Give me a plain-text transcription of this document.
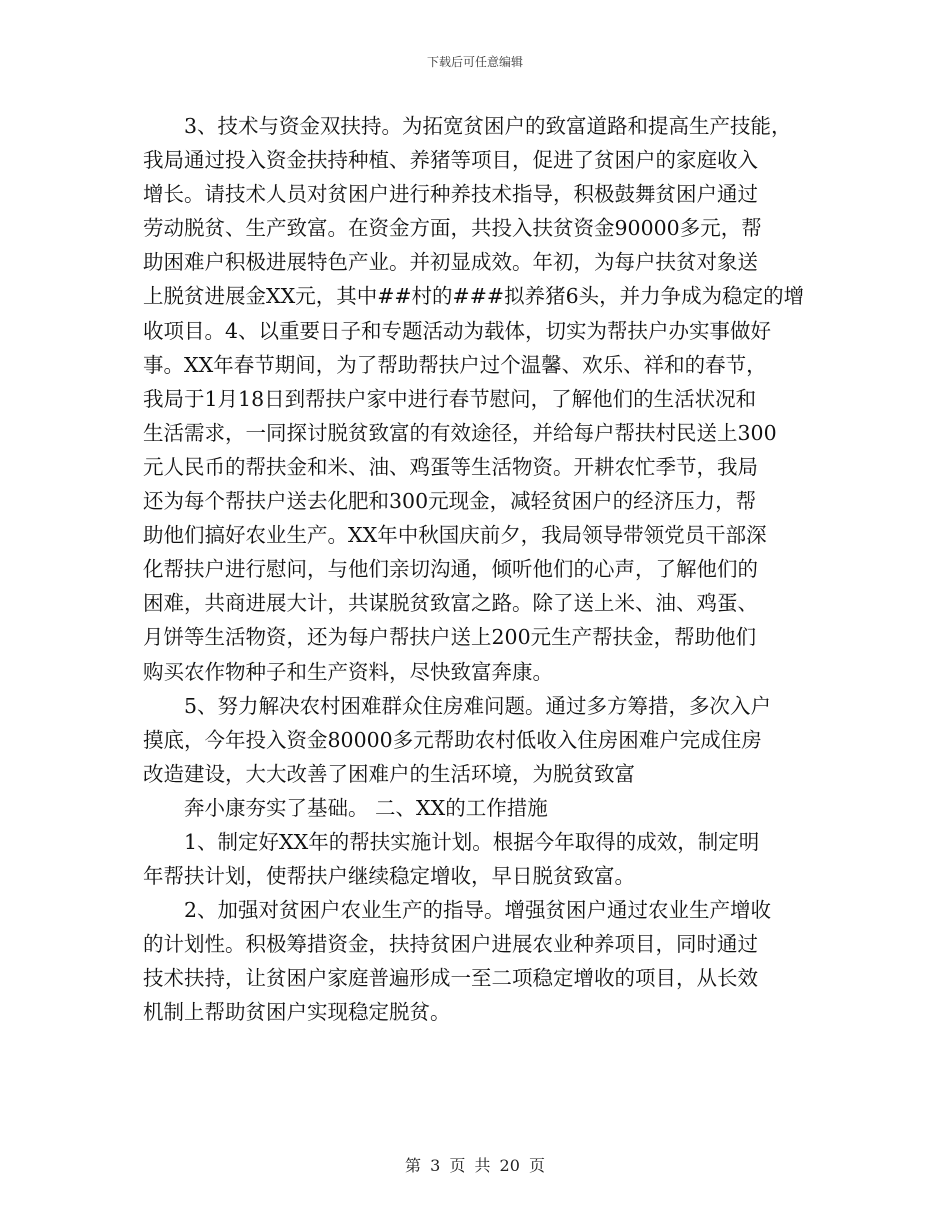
下载后可任意编辑
3、技术与资金双扶持。为拓宽贫困户的致富道路和提高生产技能，
我局通过投入资金扶持种植、养猪等项目，促进了贫困户的家庭收入
增长。请技术人员对贫困户进行种养技术指导，积极鼓舞贫困户通过
劳动脱贫、生产致富。在资金方面，共投入扶贫资金90000多元，帮
助困难户积极进展特色产业。并初显成效。年初，为每户扶贫对象送
上脱贫进展金XX元，其中##村的###拟养猪6头，并力争成为稳定的增
收项目。4、以重要日子和专题活动为载体，切实为帮扶户办实事做好
事。XX年春节期间，为了帮助帮扶户过个温馨、欢乐、祥和的春节，
我局于1月18日到帮扶户家中进行春节慰问，了解他们的生活状况和
生活需求，一同探讨脱贫致富的有效途径，并给每户帮扶村民送上300
元人民币的帮扶金和米、油、鸡蛋等生活物资。开耕农忙季节，我局
还为每个帮扶户送去化肥和300元现金，减轻贫困户的经济压力，帮
助他们搞好农业生产。XX年中秋国庆前夕，我局领导带领党员干部深
化帮扶户进行慰问，与他们亲切沟通，倾听他们的心声，了解他们的
困难，共商进展大计，共谋脱贫致富之路。除了送上米、油、鸡蛋、
月饼等生活物资，还为每户帮扶户送上200元生产帮扶金，帮助他们
购买农作物种子和生产资料，尽快致富奔康。
5、努力解决农村困难群众住房难问题。通过多方筹措，多次入户
摸底，今年投入资金80000多元帮助农村低收入住房困难户完成住房
改造建设，大大改善了困难户的生活环境，为脱贫致富
奔小康夯实了基础。 二、XX的工作措施
1、制定好XX年的帮扶实施计划。根据今年取得的成效，制定明
年帮扶计划，使帮扶户继续稳定增收，早日脱贫致富。
2、加强对贫困户农业生产的指导。增强贫困户通过农业生产增收
的计划性。积极筹措资金，扶持贫困户进展农业种养项目，同时通过
技术扶持，让贫困户家庭普遍形成一至二项稳定增收的项目，从长效
机制上帮助贫困户实现稳定脱贫。
第 3 页 共 20 页
